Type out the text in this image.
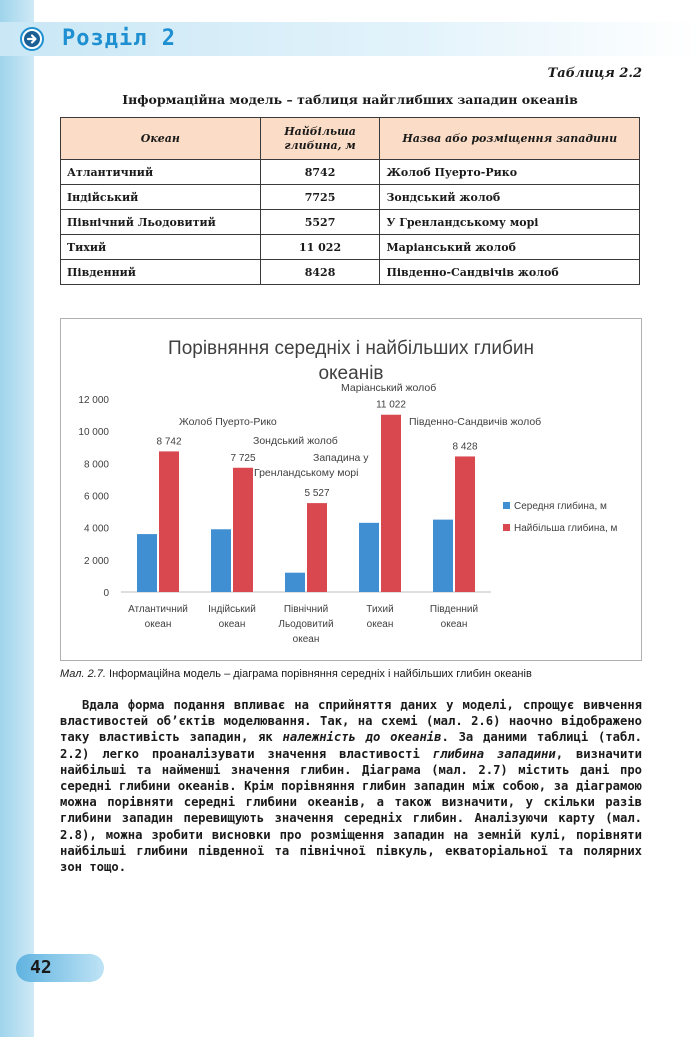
Розділ 2
Таблиця 2.2
Інформаційна модель – таблиця найглибших западин океанів
Океан	Найбільша глибина, м	Назва або розміщення западини
Атлантичний	8742	Жолоб Пуерто-Рико
Індійський	7725	Зондський жолоб
Північний Льодовитий	5527	У Гренландському морі
Тихий	11 022	Маріанський жолоб
Південний	8428	Південно-Сандвічів жолоб
Порівняння середніх і найбільших глибин
океанів
0
2 000
4 000
6 000
8 000
10 000
12 000
Атлантичний
океан
8 742
Індійський
океан
7 725
Північний
Льодовитий
океан
5 527
Тихий
океан
11 022
Південний
океан
8 428
Жолоб Пуерто-Рико
Зондський жолоб
Западина у
Гренландському морі
Маріанський жолоб
Південно-Сандвичів жолоб
Середня глибина, м
Найбільша глибина, м
Мал. 2.7. Інформаційна модель – діаграма порівняння середніх і найбільших глибин океанів
Вдала форма подання впливає на сприйняття даних у моделі, спрощує вивчення властивостей об’єктів моделювання. Так, на схемі (мал. 2.6) наочно відображено таку властивість западин, як належність до океанів. За даними таблиці (табл. 2.2) легко проаналізувати значення властивості глибина западини, визначити найбільші та найменші значення глибин. Діаграма (мал. 2.7) містить дані про середні глибини океанів. Крім порівняння глибин западин між собою, за діаграмою можна порівняти середні глибини океанів, а також визначити, у скільки разів глибини западин перевищують значення середніх глибин. Аналізуючи карту (мал. 2.8), можна зробити висновки про розміщення западин на земній кулі, порівняти найбільші глибини південної та північної півкуль, екваторіальної та полярних зон тощо.
42
